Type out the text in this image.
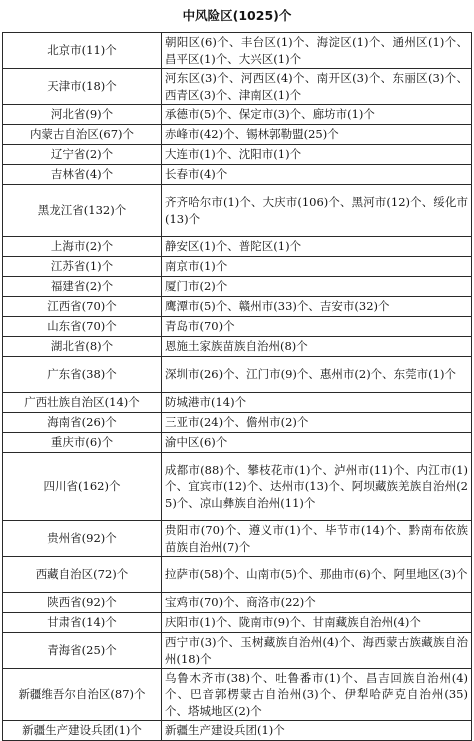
中风险区(1025)个
北京市(11)个	朝阳区(6)个、丰台区(1)个、海淀区(1)个、通州区(1)个、昌平区(1)个、大兴区(1)个
天津市(18)个	河东区(3)个、河西区(4)个、南开区(3)个、东丽区(3)个、西青区(3)个、津南区(1)个
河北省(9)个	承德市(5)个、保定市(3)个、廊坊市(1)个
内蒙古自治区(67)个	赤峰市(42)个、锡林郭勒盟(25)个
辽宁省(2)个	大连市(1)个、沈阳市(1)个
吉林省(4)个	长春市(4)个
黑龙江省(132)个	齐齐哈尔市(1)个、大庆市(106)个、黑河市(12)个、绥化市(13)个
上海市(2)个	静安区(1)个、普陀区(1)个
江苏省(1)个	南京市(1)个
福建省(2)个	厦门市(2)个
江西省(70)个	鹰潭市(5)个、赣州市(33)个、吉安市(32)个
山东省(70)个	青岛市(70)个
湖北省(8)个	恩施土家族苗族自治州(8)个
广东省(38)个	深圳市(26)个、江门市(9)个、惠州市(2)个、东莞市(1)个
广西壮族自治区(14)个	防城港市(14)个
海南省(26)个	三亚市(24)个、儋州市(2)个
重庆市(6)个	渝中区(6)个
四川省(162)个	成都市(88)个、攀枝花市(1)个、泸州市(11)个、内江市(1)个、宜宾市(12)个、达州市(13)个、阿坝藏族羌族自治州(25)个、凉山彝族自治州(11)个
贵州省(92)个	贵阳市(70)个、遵义市(1)个、毕节市(14)个、黔南布依族苗族自治州(7)个
西藏自治区(72)个	拉萨市(58)个、山南市(5)个、那曲市(6)个、阿里地区(3)个
陕西省(92)个	宝鸡市(70)个、商洛市(22)个
甘肃省(14)个	庆阳市(1)个、陇南市(9)个、甘南藏族自治州(4)个
青海省(25)个	西宁市(3)个、玉树藏族自治州(4)个、海西蒙古族藏族自治州(18)个
新疆维吾尔自治区(87)个	乌鲁木齐市(38)个、吐鲁番市(1)个、昌吉回族自治州(4)个、巴音郭楞蒙古自治州(3)个、伊犁哈萨克自治州(35)个、塔城地区(2)个
新疆生产建设兵团(1)个	新疆生产建设兵团(1)个
